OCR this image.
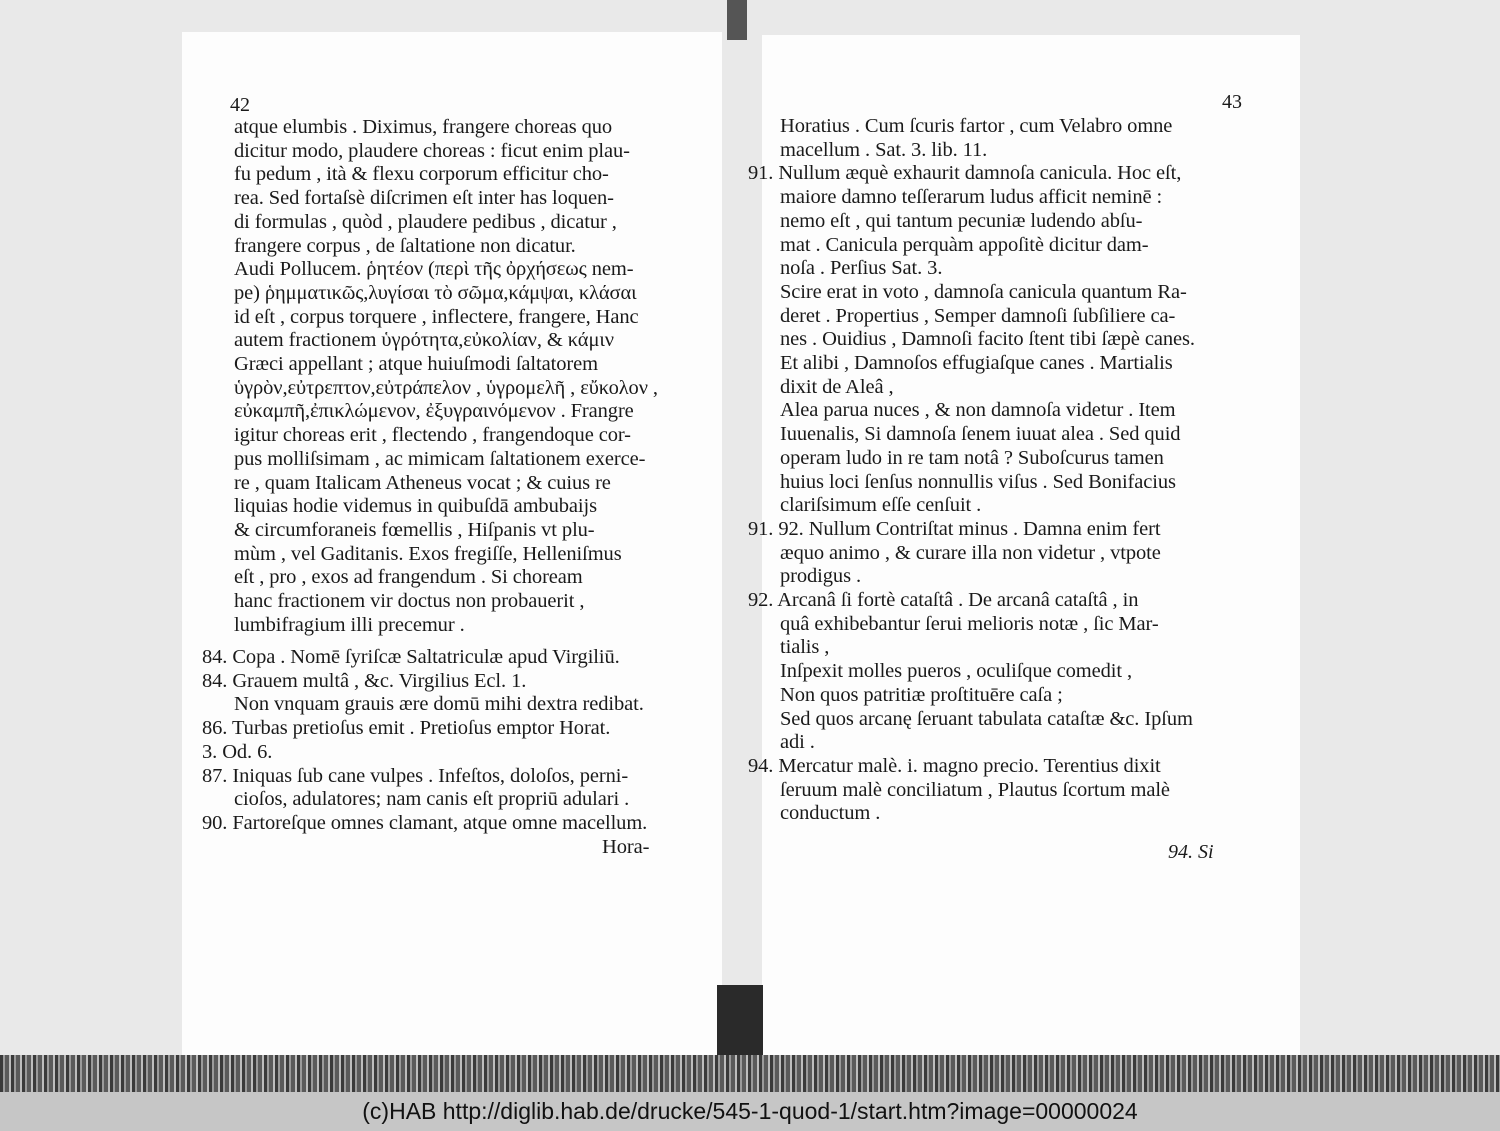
42
atque elumbis . Diximus, frangere choreas quo
dicitur modo, plaudere choreas : ficut enim plau-
fu pedum , ità & flexu corporum efficitur cho-
rea. Sed fortaſsè diſcrimen eſt inter has loquen-
di formulas , quòd , plaudere pedibus , dicatur ,
frangere corpus , de ſaltatione non dicatur.
Audi Pollucem. ῥητέον (περὶ τῆς ὀρχήσεως nem-
pe) ῥημματικῶς,λυγίσαι τὸ σῶμα,κάμψαι, κλάσαι
id eſt , corpus torquere , inflectere, frangere, Hanc
autem fractionem ὑγρότητα,εὐκολίαν, & κάμιν
Græci appellant ; atque huiuſmodi ſaltatorem
ὑγρὸν,εὐτρεπτον,εὐτράπελον , ὑγρομελῆ , εὔκολον ,
εὐκαμπῆ,ἐπικλώμενον, ἐξυγραινόμενον . Frangre
igitur choreas erit , flectendo , frangendoque cor-
pus molliſsimam , ac mimicam ſaltationem exerce-
re , quam Italicam Atheneus vocat ; & cuius re
liquias hodie videmus in quibuſdā ambubaijs
& circumforaneis fœmellis , Hiſpanis vt plu-
mùm , vel Gaditanis. Exos fregiſſe, Helleniſmus
eſt , pro , exos ad frangendum . Si choream
hanc fractionem vir doctus non probauerit ,
lumbifragium illi precemur .
84. Copa . Nomē ſyriſcæ Saltatriculæ apud Virgiliū.
84. Grauem multâ , &c. Virgilius Ecl. 1.
Non vnquam grauis ære domū mihi dextra redibat.
86. Turbas pretioſus emit . Pretioſus emptor Horat.
3. Od. 6.
87. Iniquas ſub cane vulpes . Infeſtos, doloſos, perni-
cioſos, adulatores; nam canis eſt propriū adulari .
90. Fartoreſque omnes clamant, atque omne macellum.
Hora-
43
Horatius . Cum ſcuris fartor , cum Velabro omne
macellum . Sat. 3. lib. 11.
91. Nullum æquè exhaurit damnoſa canicula. Hoc eſt,
maiore damno teſſerarum ludus afficit neminē :
nemo eſt , qui tantum pecuniæ ludendo abſu-
mat . Canicula perquàm appoſitè dicitur dam-
noſa . Perſius Sat. 3.
Scire erat in voto , damnoſa canicula quantum Ra-
deret . Propertius , Semper damnoſi ſubſiliere ca-
nes . Ouidius , Damnoſi facito ſtent tibi ſæpè canes.
Et alibi , Damnoſos effugiaſque canes . Martialis
dixit de Aleâ ,
Alea parua nuces , & non damnoſa videtur . Item
Iuuenalis, Si damnoſa ſenem iuuat alea . Sed quid
operam ludo in re tam notâ ? Suboſcurus tamen
huius loci ſenſus nonnullis viſus . Sed Bonifacius
clariſsimum eſſe cenſuit .
91. 92. Nullum Contriſtat minus . Damna enim fert
æquo animo , & curare illa non videtur , vtpote
prodigus .
92. Arcanâ ſi fortè cataſtâ . De arcanâ cataſtâ , in
quâ exhibebantur ſerui melioris notæ , ſic Mar-
tialis ,
Inſpexit molles pueros , oculiſque comedit ,
Non quos patritiæ proſtituēre caſa ;
Sed quos arcanę ſeruant tabulata cataſtæ &c. Ipſum
adi .
94. Mercatur malè. i. magno precio. Terentius dixit
ſeruum malè conciliatum , Plautus ſcortum malè
conductum .
94. Si
(c)HAB http://diglib.hab.de/drucke/545-1-quod-1/start.htm?image=00000024
